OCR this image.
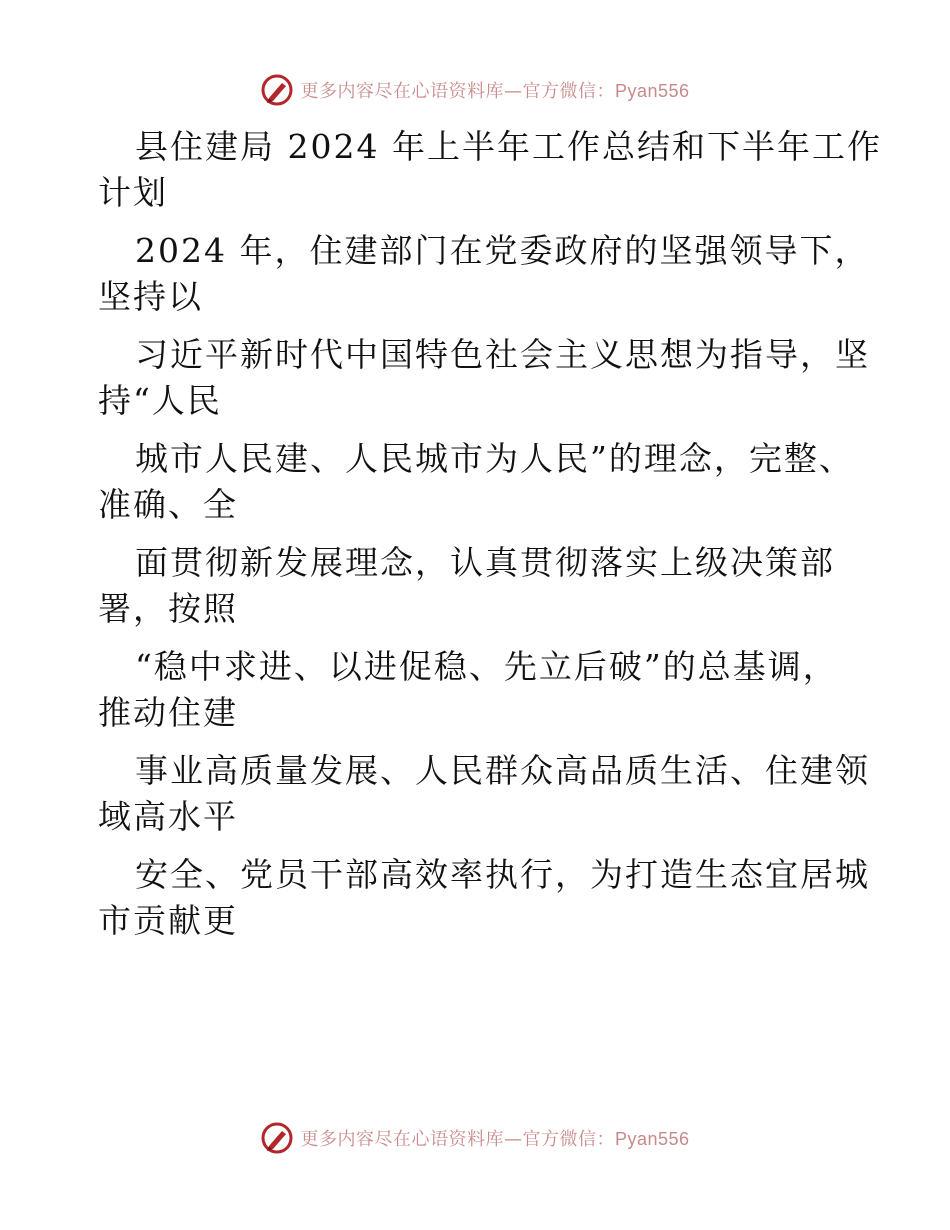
更多内容尽在心语资料库—官方微信：Pyan556
县住建局 2024 年上半年工作总结和下半年工作
计划
2024 年，住建部门在党委政府的坚强领导下，
坚持以
习近平新时代中国特色社会主义思想为指导，坚
持“人民
城市人民建、人民城市为人民”的理念，完整、
准确、全
面贯彻新发展理念，认真贯彻落实上级决策部
署，按照
“稳中求进、以进促稳、先立后破”的总基调，
推动住建
事业高质量发展、人民群众高品质生活、住建领
域高水平
安全、党员干部高效率执行，为打造生态宜居城
市贡献更
更多内容尽在心语资料库—官方微信：Pyan556
